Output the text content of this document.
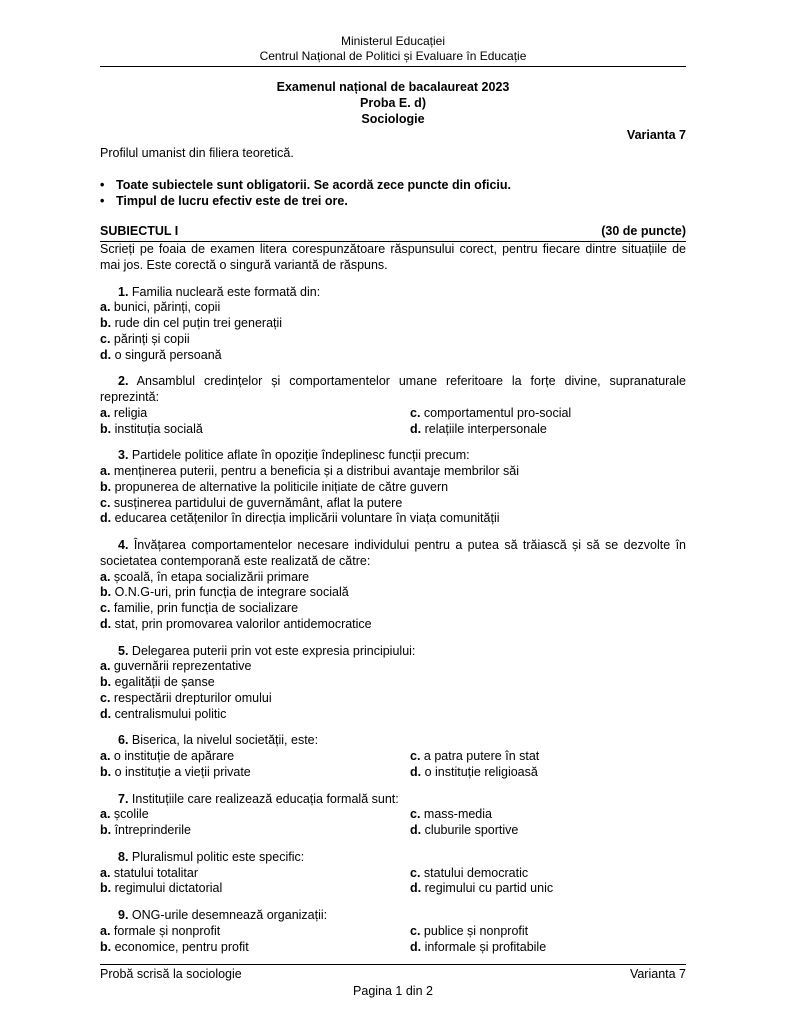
Ministerul Educației
Centrul Național de Politici și Evaluare în Educație
Examenul național de bacalaureat 2023
Proba E. d)
Sociologie
Varianta 7
Profilul umanist din filiera teoretică.
• Toate subiectele sunt obligatorii. Se acordă zece puncte din oficiu.
• Timpul de lucru efectiv este de trei ore.
SUBIECTUL I	(30 de puncte)
Scrieți pe foaia de examen litera corespunzătoare răspunsului corect, pentru fiecare dintre situațiile de mai jos. Este corectă o singură variantă de răspuns.
1. Familia nucleară este formată din:
a. bunici, părinți, copii
b. rude din cel puțin trei generații
c. părinți și copii
d. o singură persoană
2. Ansamblul credințelor și comportamentelor umane referitoare la forțe divine, supranaturale reprezintă:
a. religia	c. comportamentul pro-social
b. instituția socială	d. relațiile interpersonale
3. Partidele politice aflate în opoziție îndeplinesc funcții precum:
a. menținerea puterii, pentru a beneficia și a distribui avantaje membrilor săi
b. propunerea de alternative la politicile inițiate de către guvern
c. susținerea partidului de guvernământ, aflat la putere
d. educarea cetățenilor în direcția implicării voluntare în viața comunității
4. Învățarea comportamentelor necesare individului pentru a putea să trăiască și să se dezvolte în societatea contemporană este realizată de către:
a. școală, în etapa socializării primare
b. O.N.G-uri, prin funcția de integrare socială
c. familie, prin funcția de socializare
d. stat, prin promovarea valorilor antidemocratice
5. Delegarea puterii prin vot este expresia principiului:
a. guvernării reprezentative
b. egalității de șanse
c. respectării drepturilor omului
d. centralismului politic
6. Biserica, la nivelul societății, este:
a. o instituție de apărare	c. a patra putere în stat
b. o instituție a vieții private	d. o instituție religioasă
7. Instituțiile care realizează educația formală sunt:
a. școlile	c. mass-media
b. întreprinderile	d. cluburile sportive
8. Pluralismul politic este specific:
a. statului totalitar	c. statului democratic
b. regimului dictatorial	d. regimului cu partid unic
9. ONG-urile desemnează organizații:
a. formale și nonprofit	c. publice și nonprofit
b. economice, pentru profit	d. informale și profitabile
Probă scrisă la sociologie	Varianta 7
Pagina 1 din 2
